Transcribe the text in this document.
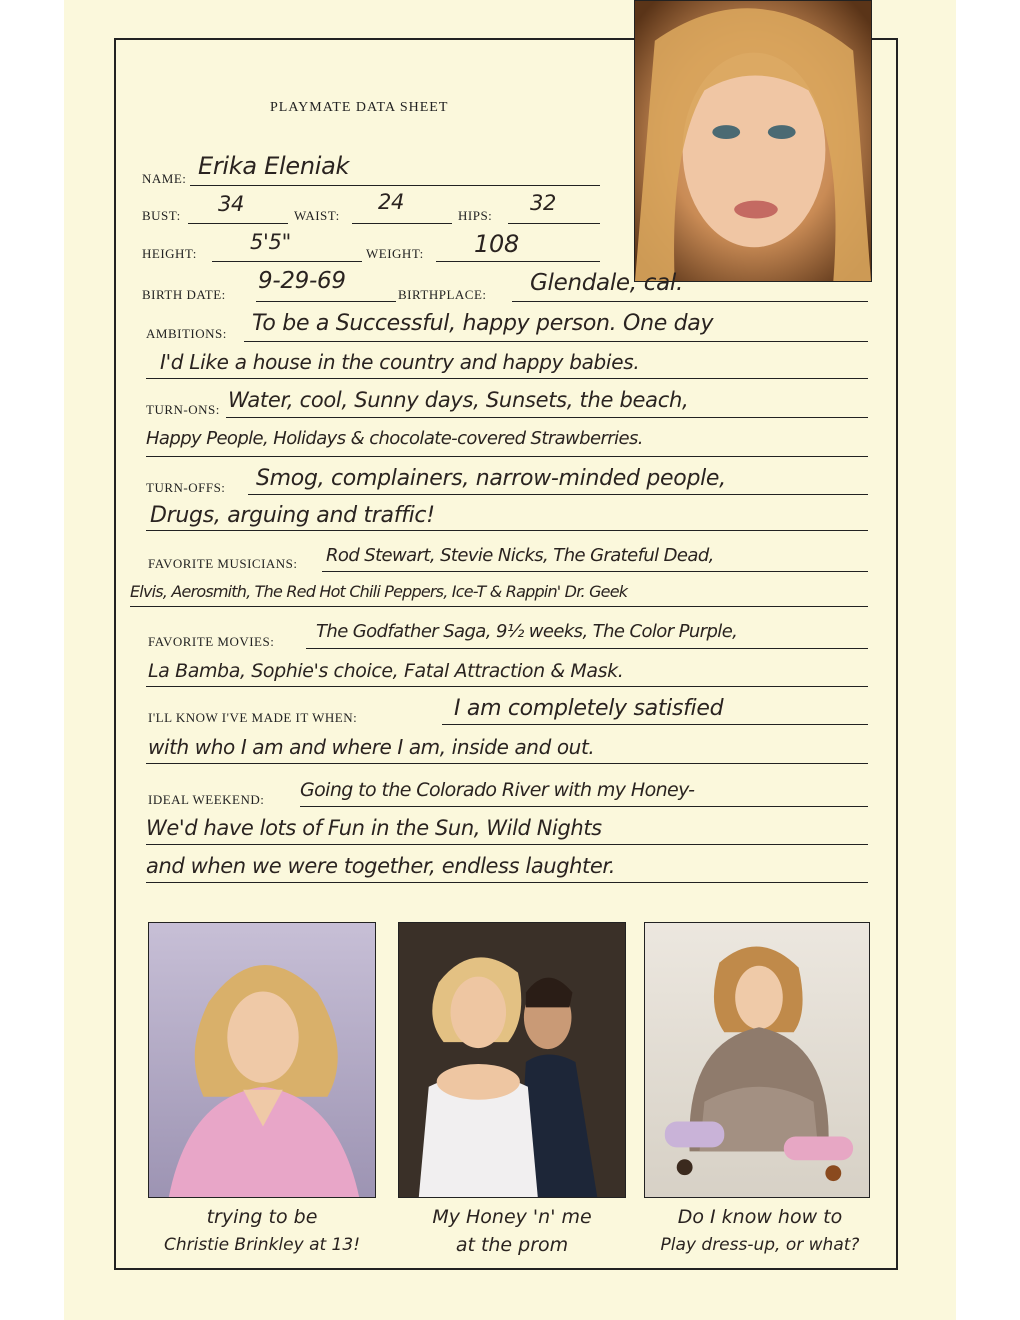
PLAYMATE DATA SHEET
NAME: Erika Eleniak
BUST: 34	WAIST:
24
HIPS:
32
HEIGHT:	5'5"	WEIGHT: 108
BIRTH DATE:
9-29-69
BIRTHPLACE: Glendale, cal.
AMBITIONS: To be a Successful, happy person. One day
I'd Like a house in the country and happy babies.
TURN-ONS: Water, cool, Sunny days, Sunsets, the beach,
Happy People, Holidays & chocolate-covered Strawberries.
TURN-OFFS: Smog, complainers, narrow-minded people,
Drugs, arguing and traffic!
FAVORITE MUSICIANS: Rod Stewart, Stevie Nicks, The Grateful Dead,
Elvis, Aerosmith, The Red Hot Chili Peppers, Ice-T & Rappin' Dr. Geek
FAVORITE MOVIES: The Godfather Saga, 9½ weeks, The Color Purple,
La Bamba, Sophie's choice, Fatal Attraction & Mask.
I'LL KNOW I'VE MADE IT WHEN:	I am completely satisfied
with who I am and where I am, inside and out.
IDEAL WEEKEND: Going to the Colorado River with my Honey-
We'd have lots of Fun in the Sun, Wild Nights
and when we were together, endless laughter.
trying to be
Christie Brinkley at 13!
My Honey 'n' me
at the prom
Do I know how to
Play dress-up, or what?
